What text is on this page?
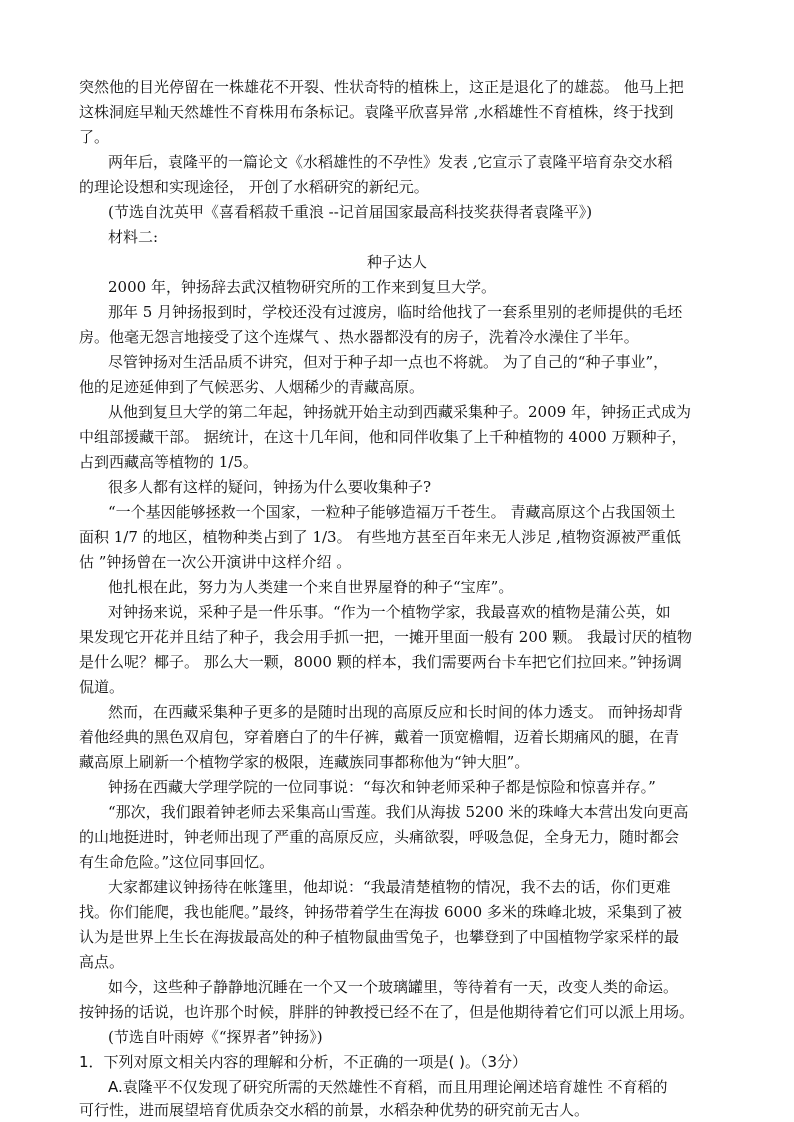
突然他的目光停留在一株雄花不开裂、性状奇特的植株上，这正是退化了的雄蕊。 他马上把
这株洞庭早籼天然雄性不育株用布条标记。袁隆平欣喜异常 ,水稻雄性不育植株，终于找到
了。
两年后，袁隆平的一篇论文《水稻雄性的不孕性》发表 ,它宣示了袁隆平培育杂交水稻
的理论设想和实现途径， 开创了水稻研究的新纪元。
(节选自沈英甲《喜看稻菽千重浪 --记首届国家最高科技奖获得者袁隆平》)
材料二:
种子达人
2000 年，钟扬辞去武汉植物研究所的工作来到复旦大学。
那年 5 月钟扬报到时，学校还没有过渡房，临时给他找了一套系里别的老师提供的毛坯
房。他毫无怨言地接受了这个连煤气 、热水器都没有的房子，洗着冷水澡住了半年。
尽管钟扬对生活品质不讲究，但对于种子却一点也不将就。 为了自己的“种子事业”，
他的足迹延伸到了气候恶劣、人烟稀少的青藏高原。
从他到复旦大学的第二年起，钟扬就开始主动到西藏采集种子。2009 年，钟扬正式成为
中组部援藏干部。 据统计，在这十几年间，他和同伴收集了上千种植物的 4000 万颗种子，
占到西藏高等植物的 1/5。
很多人都有这样的疑问，钟扬为什么要收集种子?
“一个基因能够拯救一个国家，一粒种子能够造福万千苍生。 青藏高原这个占我国领土
面积 1/7 的地区，植物种类占到了 1/3。 有些地方甚至百年来无人涉足 ,植物资源被严重低
估 ”钟扬曾在一次公开演讲中这样介绍 。
他扎根在此，努力为人类建一个来自世界屋脊的种子“宝库”。
对钟扬来说，采种子是一件乐事。“作为一个植物学家，我最喜欢的植物是蒲公英，如
果发现它开花并且结了种子，我会用手抓一把，一摊开里面一般有 200 颗。 我最讨厌的植物
是什么呢？椰子。 那么大一颗，8000 颗的样本，我们需要两台卡车把它们拉回来。”钟扬调
侃道。
然而，在西藏采集种子更多的是随时出现的高原反应和长时间的体力透支。 而钟扬却背
着他经典的黑色双肩包，穿着磨白了的牛仔裤，戴着一顶宽檐帽，迈着长期痛风的腿，在青
藏高原上刷新一个植物学家的极限，连藏族同事都称他为“钟大胆”。
钟扬在西藏大学理学院的一位同事说：“每次和钟老师采种子都是惊险和惊喜并存。”
“那次，我们跟着钟老师去采集高山雪莲。我们从海拔 5200 米的珠峰大本营出发向更高
的山地挺进时，钟老师出现了严重的高原反应，头痛欲裂，呼吸急促，全身无力，随时都会
有生命危险。”这位同事回忆。
大家都建议钟扬待在帐篷里，他却说：“我最清楚植物的情况，我不去的话，你们更难
找。你们能爬，我也能爬。”最终，钟扬带着学生在海拔 6000 多米的珠峰北坡，采集到了被
认为是世界上生长在海拔最高处的种子植物鼠曲雪兔子，也攀登到了中国植物学家采样的最
高点。
如今，这些种子静静地沉睡在一个又一个玻璃罐里，等待着有一天，改变人类的命运。
按钟扬的话说，也许那个时候，胖胖的钟教授已经不在了，但是他期待着它们可以派上用场。
(节选自叶雨婷《“探界者”钟扬》)
1．下列对原文相关内容的理解和分析，不正确的一项是( )。（3分）
A.袁隆平不仅发现了研究所需的天然雄性不育稻，而且用理论阐述培育雄性 不育稻的
可行性，进而展望培育优质杂交水稻的前景，水稻杂种优势的研究前无古人。
